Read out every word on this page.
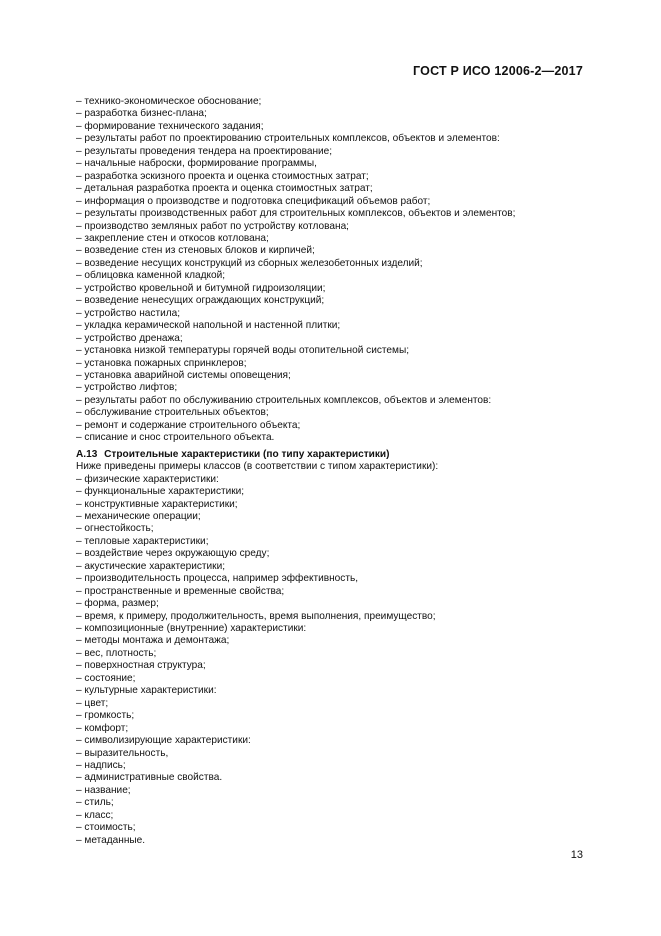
ГОСТ Р ИСО 12006-2—2017
– технико-экономическое обоснование;
– разработка бизнес-плана;
– формирование технического задания;
– результаты работ по проектированию строительных комплексов, объектов и элементов:
– результаты проведения тендера на проектирование;
– начальные наброски, формирование программы,
– разработка эскизного проекта и оценка стоимостных затрат;
– детальная разработка проекта и оценка стоимостных затрат;
– информация о производстве и подготовка спецификаций объемов работ;
– результаты производственных работ для строительных комплексов, объектов и элементов;
– производство земляных работ по устройству котлована;
– закрепление стен и откосов котлована;
– возведение стен из стеновых блоков и кирпичей;
– возведение несущих конструкций из сборных железобетонных изделий;
– облицовка каменной кладкой;
– устройство кровельной и битумной гидроизоляции;
– возведение ненесущих ограждающих конструкций;
– устройство настила;
– укладка керамической напольной и настенной плитки;
– устройство дренажа;
– установка низкой температуры горячей воды отопительной системы;
– установка пожарных спринклеров;
– установка аварийной системы оповещения;
– устройство лифтов;
– результаты работ по обслуживанию строительных комплексов, объектов и элементов:
– обслуживание строительных объектов;
– ремонт и содержание строительного объекта;
– списание и снос строительного объекта.
А.13 Строительные характеристики (по типу характеристики)
Ниже приведены примеры классов (в соответствии с типом характеристики):
– физические характеристики:
– функциональные характеристики;
– конструктивные характеристики;
– механические операции;
– огнестойкость;
– тепловые характеристики;
– воздействие через окружающую среду;
– акустические характеристики;
– производительность процесса, например эффективность,
– пространственные и временные свойства;
– форма, размер;
– время, к примеру, продолжительность, время выполнения, преимущество;
– композиционные (внутренние) характеристики:
– методы монтажа и демонтажа;
– вес, плотность;
– поверхностная структура;
– состояние;
– культурные характеристики:
– цвет;
– громкость;
– комфорт;
– символизирующие характеристики:
– выразительность,
– надпись;
– административные свойства.
– название;
– стиль;
– класс;
– стоимость;
– метаданные.
13
